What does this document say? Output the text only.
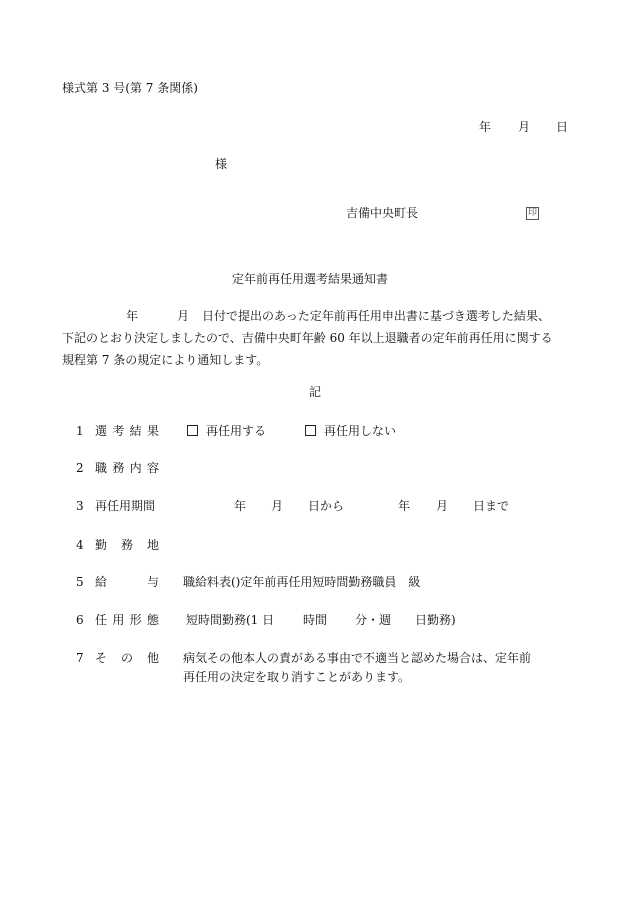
様式第 3 号(第 7 条関係)
年 月 日
様
吉備中央町長	印
定年前再任用選考結果通知書
年	月 日付で提出のあった定年前再任用申出書に基づき選考した結果、
下記のとおり決定しましたので、吉備中央町年齢 60 年以上退職者の定年前再任用に関する
規程第 7 条の規定により通知します。
記
1 選 考 結 果	再任用する	再任用しない
2 職 務 内 容
3 再任用期間	年 月 日から	年 月 日まで
4 勤 務 地
5 給	与 職給料表()定年前再任用短時間勤務職員　級
6 任 用 形 態 短時間勤務(1 日 時間 分・週 日勤務)
7 そ の 他 病気その他本人の責がある事由で不適当と認めた場合は、定年前
再任用の決定を取り消すことがあります。
